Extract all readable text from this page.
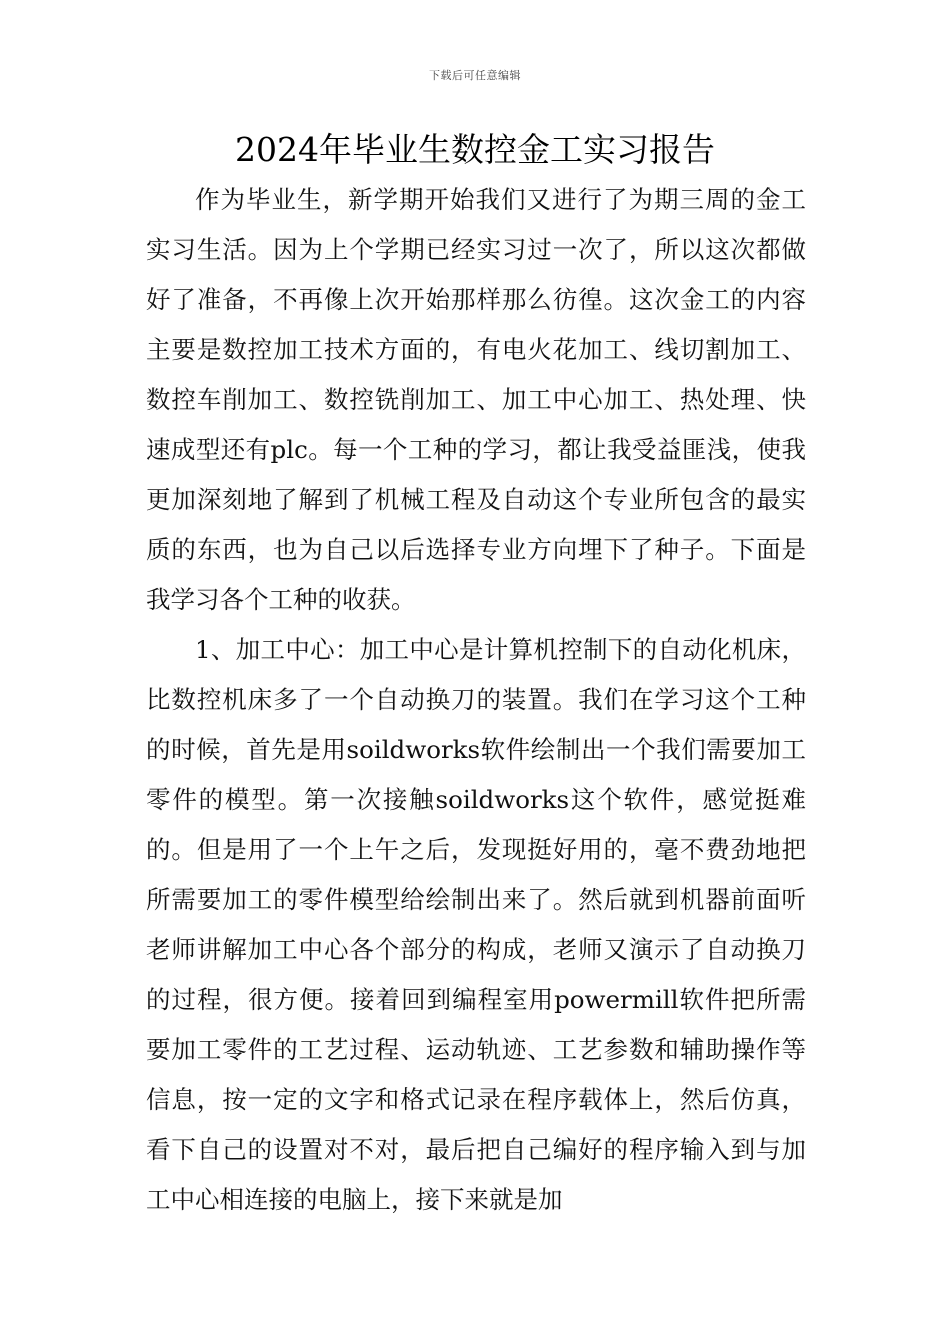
下载后可任意编辑
2024年毕业生数控金工实习报告

作为毕业生，新学期开始我们又进行了为期三周的金工实习生活。因为上个学期已经实习过一次了，所以这次都做好了准备，不再像上次开始那样那么彷徨。这次金工的内容主要是数控加工技术方面的，有电火花加工、线切割加工、数控车削加工、数控铣削加工、加工中心加工、热处理、快速成型还有plc。每一个工种的学习，都让我受益匪浅，使我更加深刻地了解到了机械工程及自动这个专业所包含的最实质的东西，也为自己以后选择专业方向埋下了种子。下面是我学习各个工种的收获。

1、加工中心：加工中心是计算机控制下的自动化机床，比数控机床多了一个自动换刀的装置。我们在学习这个工种的时候，首先是用soildworks软件绘制出一个我们需要加工零件的模型。第一次接触soildworks这个软件，感觉挺难的。但是用了一个上午之后，发现挺好用的，毫不费劲地把所需要加工的零件模型给绘制出来了。然后就到机器前面听老师讲解加工中心各个部分的构成，老师又演示了自动换刀的过程，很方便。接着回到编程室用powermill软件把所需要加工零件的工艺过程、运动轨迹、工艺参数和辅助操作等信息，按一定的文字和格式记录在程序载体上，然后仿真，看下自己的设置对不对，最后把自己编好的程序输入到与加工中心相连接的电脑上，接下来就是加
